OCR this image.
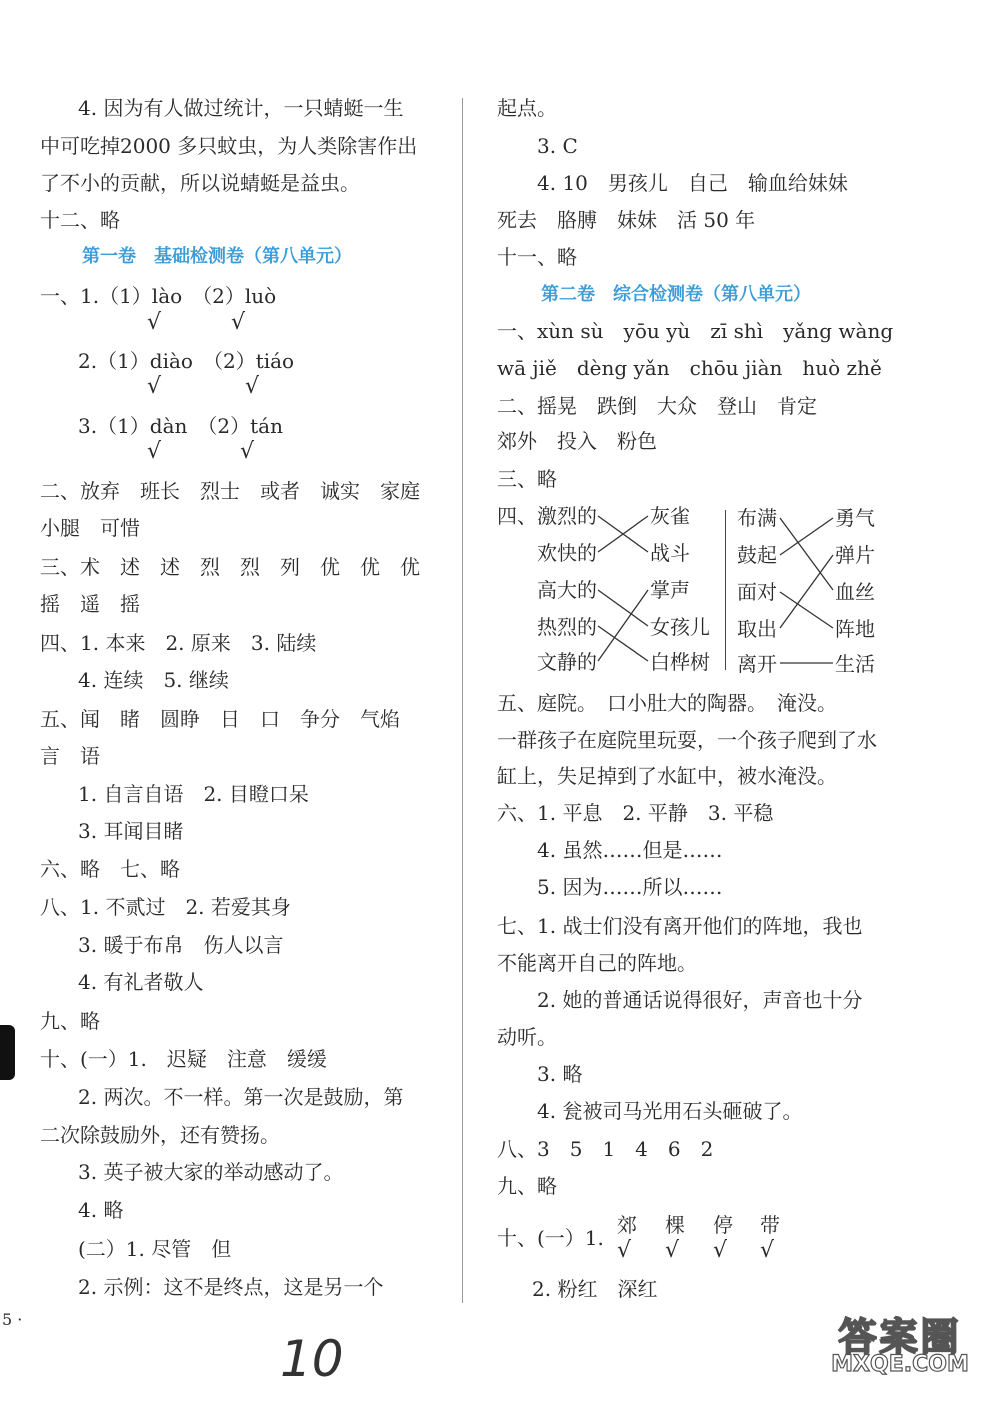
4. 因为有人做过统计，一只蜻蜓一生
中可吃掉2000 多只蚊虫，为人类除害作出
了不小的贡献，所以说蜻蜓是益虫。
十二、略
第一卷　基础检测卷（第八单元）
一、1.（1）lào　（2）luò
√	√
2.（1）diào　（2）tiáo
√	√
3.（1）dàn　（2）tán
√	√
二、放弃　班长　烈士　或者　诚实　家庭
小腿　可惜
三、术　述　述　烈　烈　列　优　优　优
摇　遥　摇
四、1. 本来　2. 原来　3. 陆续
4. 连续　5. 继续
五、闻　睹　圆睁　日　口　争分　气焰
言　语
1. 自言自语　2. 目瞪口呆
3. 耳闻目睹
六、略　七、略
八、1. 不贰过　2. 若爱其身
3. 暖于布帛　伤人以言
4. 有礼者敬人
九、略
十、(一）1.　迟疑　注意　缓缓
2. 两次。不一样。第一次是鼓励，第
二次除鼓励外，还有赞扬。
3. 英子被大家的举动感动了。
4. 略
(二）1. 尽管　但
2. 示例：这不是终点，这是另一个
起点。
3. C
4. 10　男孩儿　自己　输血给妹妹
死去　胳膊　妹妹　活 50 年
十一、略
第二卷　综合检测卷（第八单元）
一、xùn sù　yōu yù　zī shì　yǎng wàng
wā jiě　dèng yǎn　chōu jiàn　huò zhě
二、摇晃　跌倒　大众　登山　肯定
郊外　投入　粉色
三、略
四、 激烈的
欢快的
高大的
热烈的
文静的
灰雀
战斗
掌声
女孩儿
白桦树
布满
鼓起
面对
取出
离开
勇气
弹片
血丝
阵地
生活
五、庭院。　口小肚大的陶器。　淹没。
一群孩子在庭院里玩耍，一个孩子爬到了水
缸上，失足掉到了水缸中，被水淹没。
六、1. 平息　2. 平静　3. 平稳
4. 虽然……但是……
5. 因为……所以……
七、1. 战士们没有离开他们的阵地，我也
不能离开自己的阵地。
2. 她的普通话说得很好，声音也十分
动听。
3. 略
4. 瓮被司马光用石头砸破了。
八、3　5　1　4　6　2
九、略
十、(一）1.
郊 棵 停 带
√ √ √ √
2. 粉红　深红
5 ·
10	答案圈
MXQE.COM
